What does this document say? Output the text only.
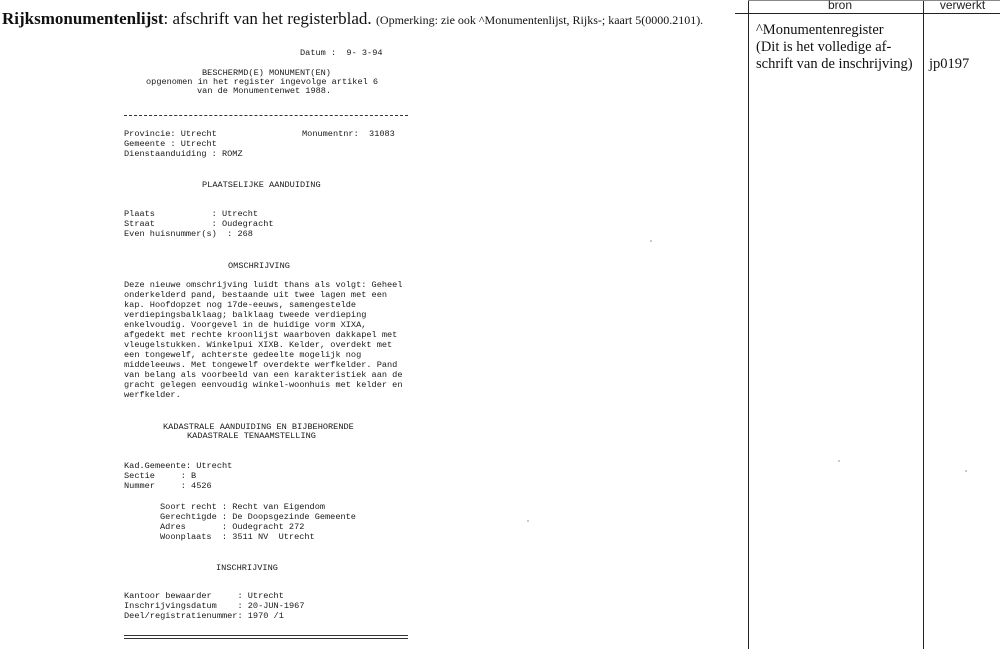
Rijksmonumentenlijst: afschrift van het registerblad. (Opmerking: zie ook ^Monumentenlijst, Rijks-; kaart 5(0000.2101).
bron	verwerkt
^Monumentenregister
(Dit is het volledige af-
schrift van de inschrijving)	jp0197
Datum :  9- 3-94
BESCHERMD(E) MONUMENT(EN)
opgenomen in het register ingevolge artikel 6
van de Monumentenwet 1988.
Provincie: Utrecht	Monumentnr:  31083
Gemeente : Utrecht
Dienstaanduiding : ROMZ
PLAATSELIJKE AANDUIDING
Plaats           : Utrecht
Straat           : Oudegracht
Even huisnummer(s)  : 268
OMSCHRIJVING
Deze nieuwe omschrijving luidt thans als volgt: Geheel
onderkelderd pand, bestaande uit twee lagen met een
kap. Hoofdopzet nog 17de-eeuws, samengestelde
verdiepingsbalklaag; balklaag tweede verdieping
enkelvoudig. Voorgevel in de huidige vorm XIXA,
afgedekt met rechte kroonlijst waarboven dakkapel met
vleugelstukken. Winkelpui XIXB. Kelder, overdekt met
een tongewelf, achterste gedeelte mogelijk nog
middeleeuws. Met tongewelf overdekte werfkelder. Pand
van belang als voorbeeld van een karakteristiek aan de
gracht gelegen eenvoudig winkel-woonhuis met kelder en
werfkelder.
KADASTRALE AANDUIDING EN BIJBEHORENDE
KADASTRALE TENAAMSTELLING
Kad.Gemeente: Utrecht
Sectie     : B
Nummer     : 4526
Soort recht : Recht van Eigendom
Gerechtigde : De Doopsgezinde Gemeente
Adres       : Oudegracht 272
Woonplaats  : 3511 NV  Utrecht
INSCHRIJVING
Kantoor bewaarder     : Utrecht
Inschrijvingsdatum    : 20-JUN-1967
Deel/registratienummer: 1970 /1
